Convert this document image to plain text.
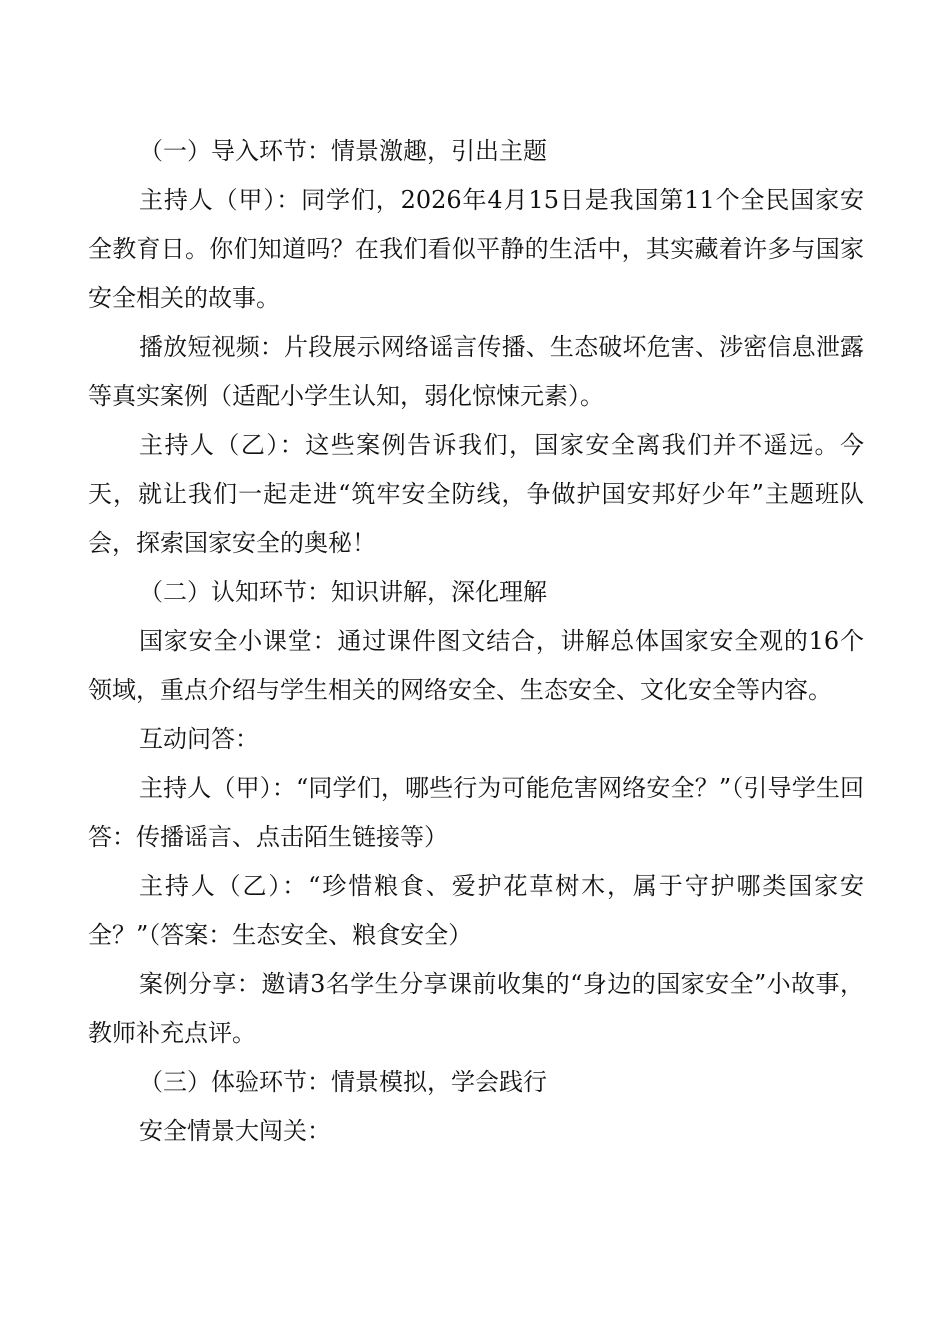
（一）导入环节：情景激趣，引出主题

主持人（甲）：同学们，2026年4月15日是我国第11个全民国家安全教育日。你们知道吗？在我们看似平静的生活中，其实藏着许多与国家安全相关的故事。

播放短视频：片段展示网络谣言传播、生态破坏危害、涉密信息泄露等真实案例（适配小学生认知，弱化惊悚元素）。

主持人（乙）：这些案例告诉我们，国家安全离我们并不遥远。今天，就让我们一起走进“筑牢安全防线，争做护国安邦好少年”主题班队会，探索国家安全的奥秘！

（二）认知环节：知识讲解，深化理解

国家安全小课堂：通过课件图文结合，讲解总体国家安全观的16个领域，重点介绍与学生相关的网络安全、生态安全、文化安全等内容。

互动问答：

主持人（甲）：“同学们，哪些行为可能危害网络安全？”（引导学生回答：传播谣言、点击陌生链接等）

主持人（乙）：“珍惜粮食、爱护花草树木，属于守护哪类国家安全？”（答案：生态安全、粮食安全）

案例分享：邀请3名学生分享课前收集的“身边的国家安全”小故事，教师补充点评。

（三）体验环节：情景模拟，学会践行

安全情景大闯关：
